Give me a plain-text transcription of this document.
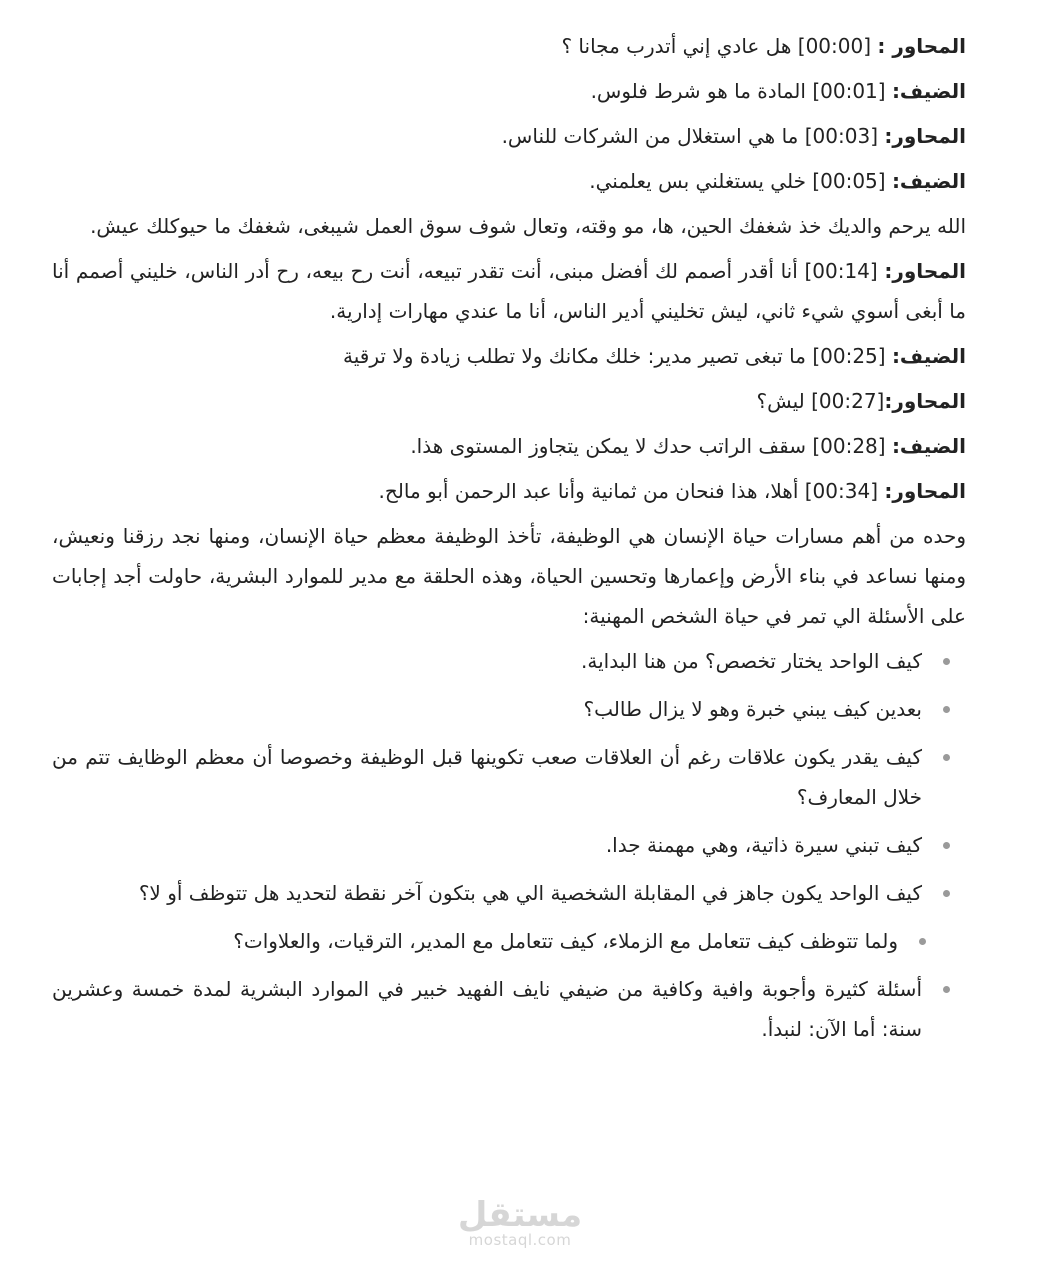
المحاور : [00:00] هل عادي إني أتدرب مجانا ؟
الضيف: [00:01] المادة ما هو شرط فلوس.
المحاور: [00:03] ما هي استغلال من الشركات للناس.
الضيف: [00:05] خلي يستغلني بس يعلمني.
الله يرحم والديك خذ شغفك الحين، ها، مو وقته، وتعال شوف سوق العمل شيبغى، شغفك ما حيوكلك عيش.
المحاور: [00:14] أنا أقدر أصمم لك أفضل مبنى، أنت تقدر تبيعه، أنت رح بيعه، رح أدر الناس، خليني أصمم أنا ما أبغى أسوي شيء ثاني، ليش تخليني أدير الناس، أنا ما عندي مهارات إدارية.
الضيف: [00:25] ما تبغى تصير مدير: خلك مكانك ولا تطلب زيادة ولا ترقية
المحاور:[00:27] ليش؟
الضيف: [00:28] سقف الراتب حدك لا يمكن يتجاوز المستوى هذا.
المحاور: [00:34] أهلا، هذا فنحان من ثمانية وأنا عبد الرحمن أبو مالح.
وحده من أهم مسارات حياة الإنسان هي الوظيفة، تأخذ الوظيفة معظم حياة الإنسان، ومنها نجد رزقنا ونعيش، ومنها نساعد في بناء الأرض وإعمارها وتحسين الحياة، وهذه الحلقة مع مدير للموارد البشرية، حاولت أجد إجابات على الأسئلة الي تمر في حياة الشخص المهنية:
كيف الواحد يختار تخصص؟ من هنا البداية.
بعدين كيف يبني خبرة وهو لا يزال طالب؟
كيف يقدر يكون علاقات رغم أن العلاقات صعب تكوينها قبل الوظيفة وخصوصا أن معظم الوظايف تتم من خلال المعارف؟
كيف تبني سيرة ذاتية، وهي مهمنة جدا.
كيف الواحد يكون جاهز في المقابلة الشخصية الي هي بتكون آخر نقطة لتحديد هل تتوظف أو لا؟
ولما تتوظف كيف تتعامل مع الزملاء، كيف تتعامل مع المدير، الترقيات، والعلاوات؟
أسئلة كثيرة وأجوبة وافية وكافية من ضيفي نايف الفهيد خبير في الموارد البشرية لمدة خمسة وعشرين سنة: أما الآن: لنبدأ.
مستقل
mostaql.com
